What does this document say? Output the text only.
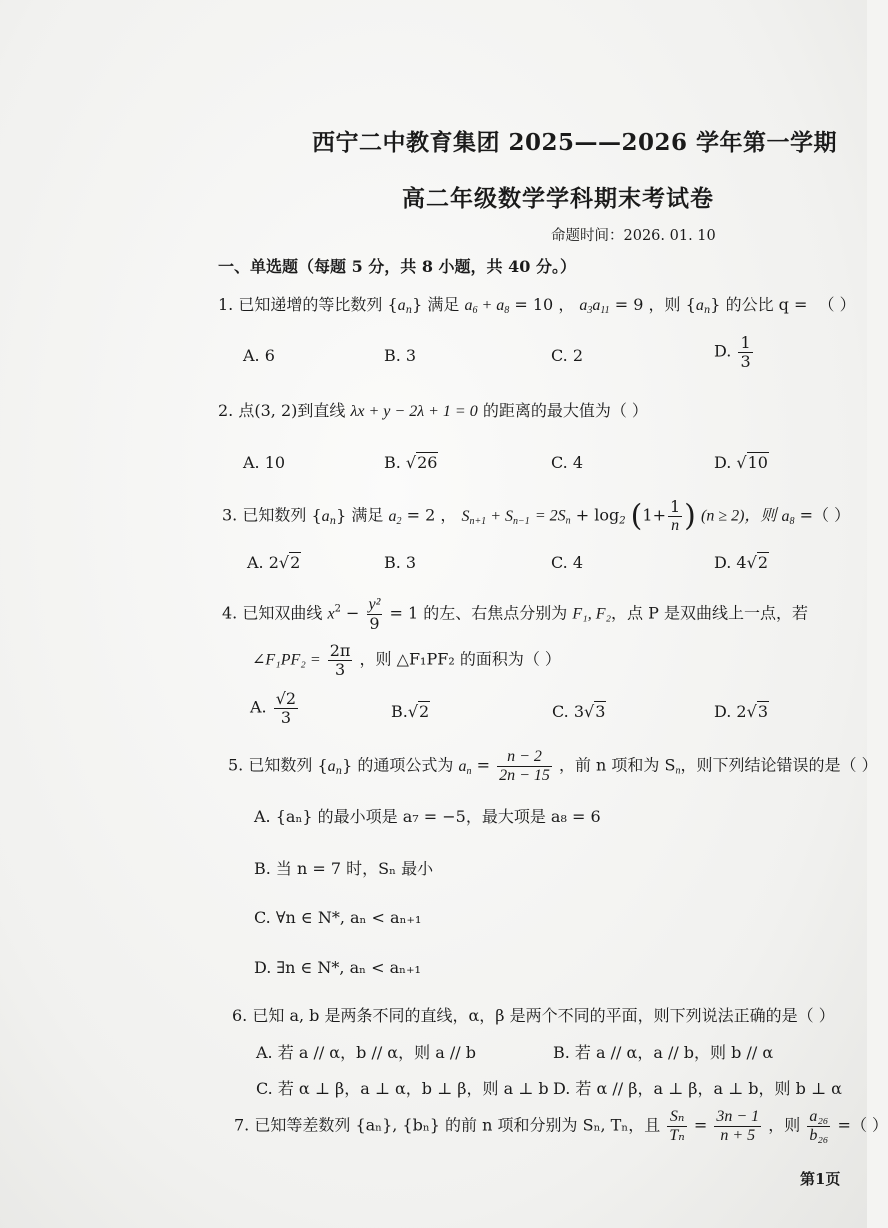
西宁二中教育集团 2025——2026 学年第一学期
高二年级数学学科期末考试卷
命题时间：2026. 01. 10
一、单选题（每题 5 分，共 8 小题，共 40 分。）
1. 已知递增的等比数列 $\{a_n\}$ 满足 $a_6 + a_8 = 10$ ， $a_3a_{11} = 9$ ，则 $\{a_n\}$ 的公比 q = （ ）
A. 6	B. 3	C. 2	D. $\frac{1}{3}$
2. 点(3, 2)到直线 λx + y − 2λ + 1 = 0 的距离的最大值为（ ）
A. 10	B. √26	C. 4	D. √10
3. 已知数列 $\{a_n\}$ 满足 $a_2 = 2$ ， $S_{n+1} + S_{n-1} = 2S_n + \log_2 (1+ \frac{1}{n}$ ) (n ≥ 2)，则 $a_8$ =（ ）
A. 2√2	B. 3	C. 4	D. 4√2
4. 已知双曲线 $x^2 - \frac{\text{y²}}{9} = 1$ 的左、右焦点分别为 F₁, F₂，点 P 是双曲线上一点，若
∠F₁PF₂ = $\frac{2\pi}{3}$ ，则 △F₁PF₂ 的面积为（ ）
A. $\frac{√2}{3}$	B.√2	C. 3√3	D. 2√3
5. 已知数列 $\{a_n\}$ 的通项公式为 $a_n = \frac{n - 2}{2n - 15}$ ，前 n 项和为 $S_n$，则下列结论错误的是（ ）
A. {aₙ} 的最小项是 a₇ = −5，最大项是 a₈ = 6
B. 当 n = 7 时，Sₙ 最小
C. ∀n ∈ N*, aₙ < aₙ₊₁
D. ∃n ∈ N*, aₙ < aₙ₊₁
6. 已知 a, b 是两条不同的直线，α，β 是两个不同的平面，则下列说法正确的是（ ）
A. 若 a // α，b // α，则 a // b	B. 若 a // α，a // b，则 b // α
C. 若 α ⊥ β，a ⊥ α，b ⊥ β，则 a ⊥ b D. 若 α // β，a ⊥ β，a ⊥ b，则 b ⊥ α
7. 已知等差数列 {aₙ}, {bₙ} 的前 n 项和分别为 Sₙ, Tₙ，且 $\frac{\text{Sₙ}}{\text{Tₙ}} = \frac{3n - 1}{n + 5}$ ，则 $\frac{\text{a₂₆}}{\text{b₂₆}}$ =（ ）
第1页
